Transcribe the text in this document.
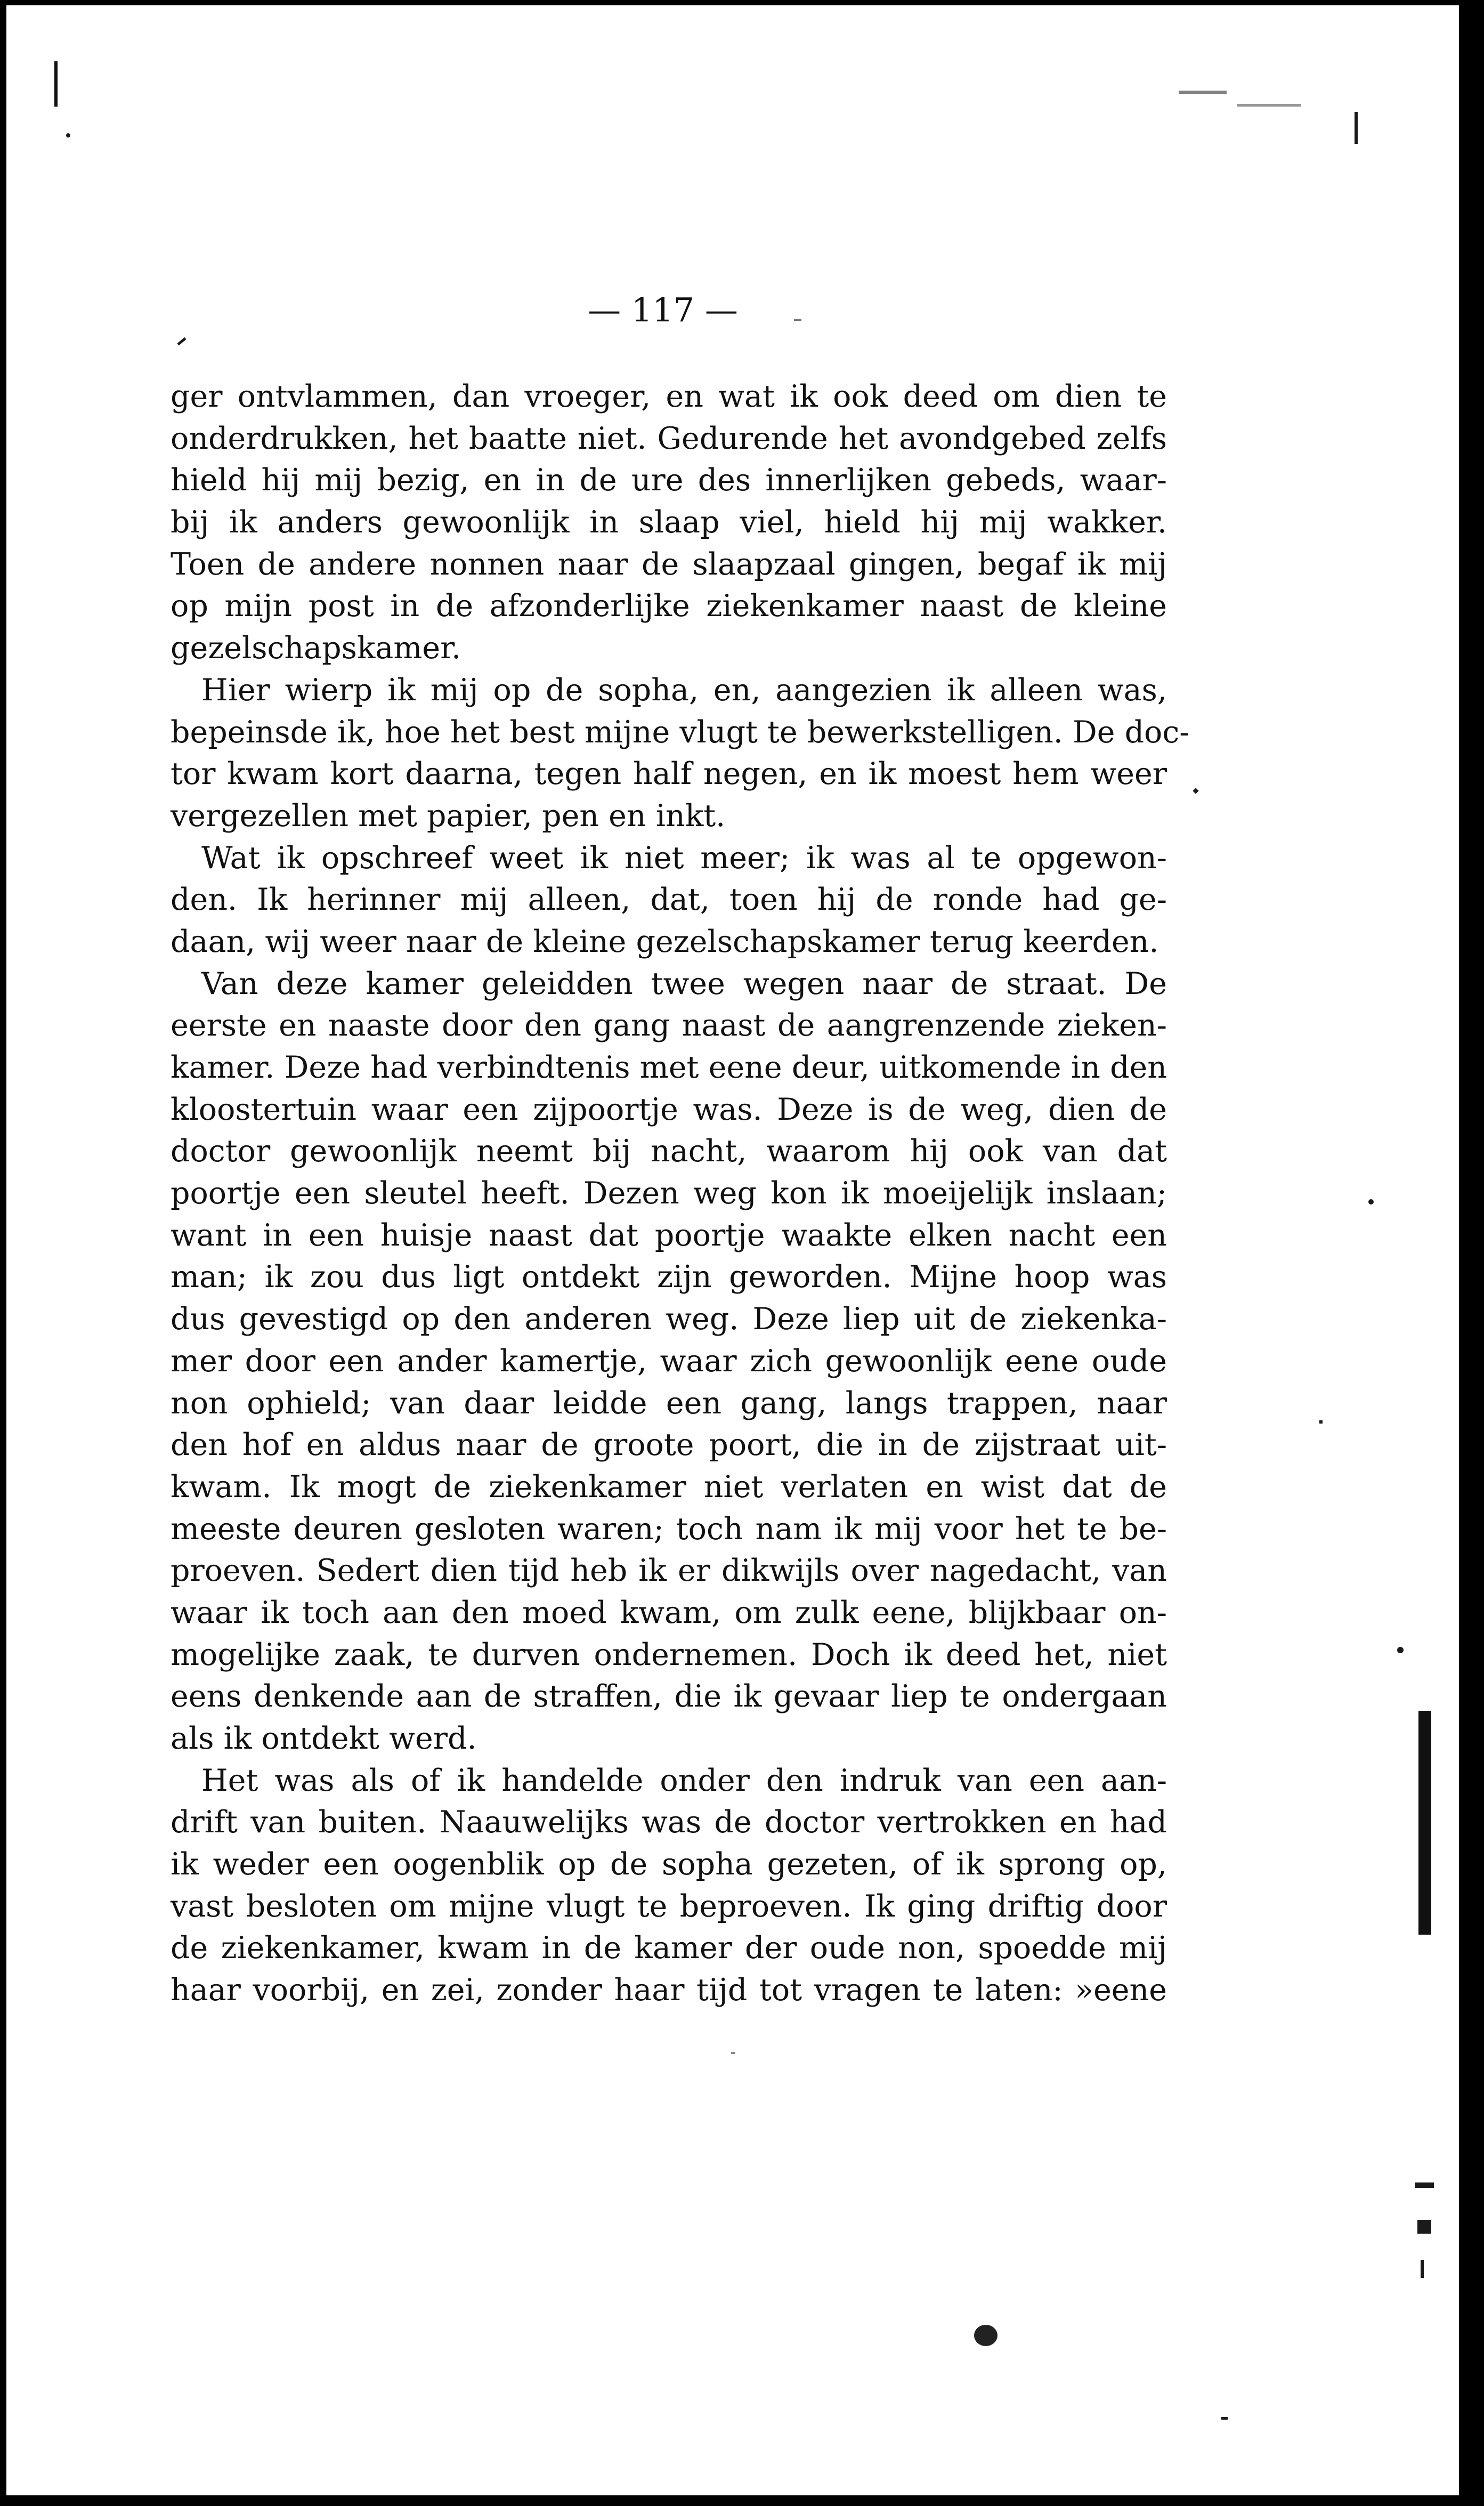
— 117 —
ger ontvlammen, dan vroeger, en wat ik ook deed om dien te
onderdrukken, het baatte niet. Gedurende het avondgebed zelfs
hield hij mij bezig, en in de ure des innerlijken gebeds, waar-
bij ik anders gewoonlijk in slaap viel, hield hij mij wakker.
Toen de andere nonnen naar de slaapzaal gingen, begaf ik mij
op mijn post in de afzonderlijke ziekenkamer naast de kleine
gezelschapskamer.
Hier wierp ik mij op de sopha, en, aangezien ik alleen was,
bepeinsde ik, hoe het best mijne vlugt te bewerkstelligen. De doc-
tor kwam kort daarna, tegen half negen, en ik moest hem weer
vergezellen met papier, pen en inkt.
Wat ik opschreef weet ik niet meer; ik was al te opgewon-
den. Ik herinner mij alleen, dat, toen hij de ronde had ge-
daan, wij weer naar de kleine gezelschapskamer terug keerden.
Van deze kamer geleidden twee wegen naar de straat. De
eerste en naaste door den gang naast de aangrenzende zieken-
kamer. Deze had verbindtenis met eene deur, uitkomende in den
kloostertuin waar een zijpoortje was. Deze is de weg, dien de
doctor gewoonlijk neemt bij nacht, waarom hij ook van dat
poortje een sleutel heeft. Dezen weg kon ik moeijelijk inslaan;
want in een huisje naast dat poortje waakte elken nacht een
man; ik zou dus ligt ontdekt zijn geworden. Mijne hoop was
dus gevestigd op den anderen weg. Deze liep uit de ziekenka-
mer door een ander kamertje, waar zich gewoonlijk eene oude
non ophield; van daar leidde een gang, langs trappen, naar
den hof en aldus naar de groote poort, die in de zijstraat uit-
kwam. Ik mogt de ziekenkamer niet verlaten en wist dat de
meeste deuren gesloten waren; toch nam ik mij voor het te be-
proeven. Sedert dien tijd heb ik er dikwijls over nagedacht, van
waar ik toch aan den moed kwam, om zulk eene, blijkbaar on-
mogelijke zaak, te durven ondernemen. Doch ik deed het, niet
eens denkende aan de straffen, die ik gevaar liep te ondergaan
als ik ontdekt werd.
Het was als of ik handelde onder den indruk van een aan-
drift van buiten. Naauwelijks was de doctor vertrokken en had
ik weder een oogenblik op de sopha gezeten, of ik sprong op,
vast besloten om mijne vlugt te beproeven. Ik ging driftig door
de ziekenkamer, kwam in de kamer der oude non, spoedde mij
haar voorbij, en zei, zonder haar tijd tot vragen te laten: »eene
